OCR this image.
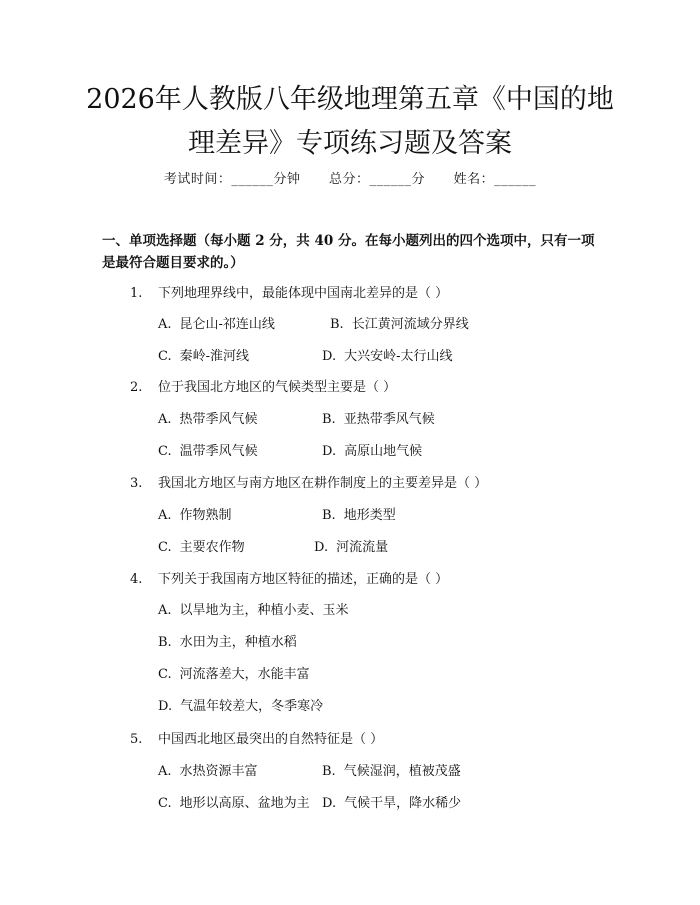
2026年人教版八年级地理第五章《中国的地
理差异》专项练习题及答案
考试时间：______分钟 总分：______分 姓名：______
一、单项选择题（每小题 2 分，共 40 分。在每小题列出的四个选项中，只有一项
是最符合题目要求的。）
1. 下列地理界线中，最能体现中国南北差异的是（ ）
A. 昆仑山-祁连山线	B. 长江黄河流域分界线
C. 秦岭-淮河线	D. 大兴安岭-太行山线
2. 位于我国北方地区的气候类型主要是（ ）
A. 热带季风气候	B. 亚热带季风气候
C. 温带季风气候	D. 高原山地气候
3. 我国北方地区与南方地区在耕作制度上的主要差异是（ ）
A. 作物熟制	B. 地形类型
C. 主要农作物	D. 河流流量
4. 下列关于我国南方地区特征的描述，正确的是（ ）
A. 以旱地为主，种植小麦、玉米
B. 水田为主，种植水稻
C. 河流落差大，水能丰富
D. 气温年较差大，冬季寒冷
5. 中国西北地区最突出的自然特征是（ ）
A. 水热资源丰富	B. 气候湿润，植被茂盛
C. 地形以高原、盆地为主 D. 气候干旱，降水稀少
